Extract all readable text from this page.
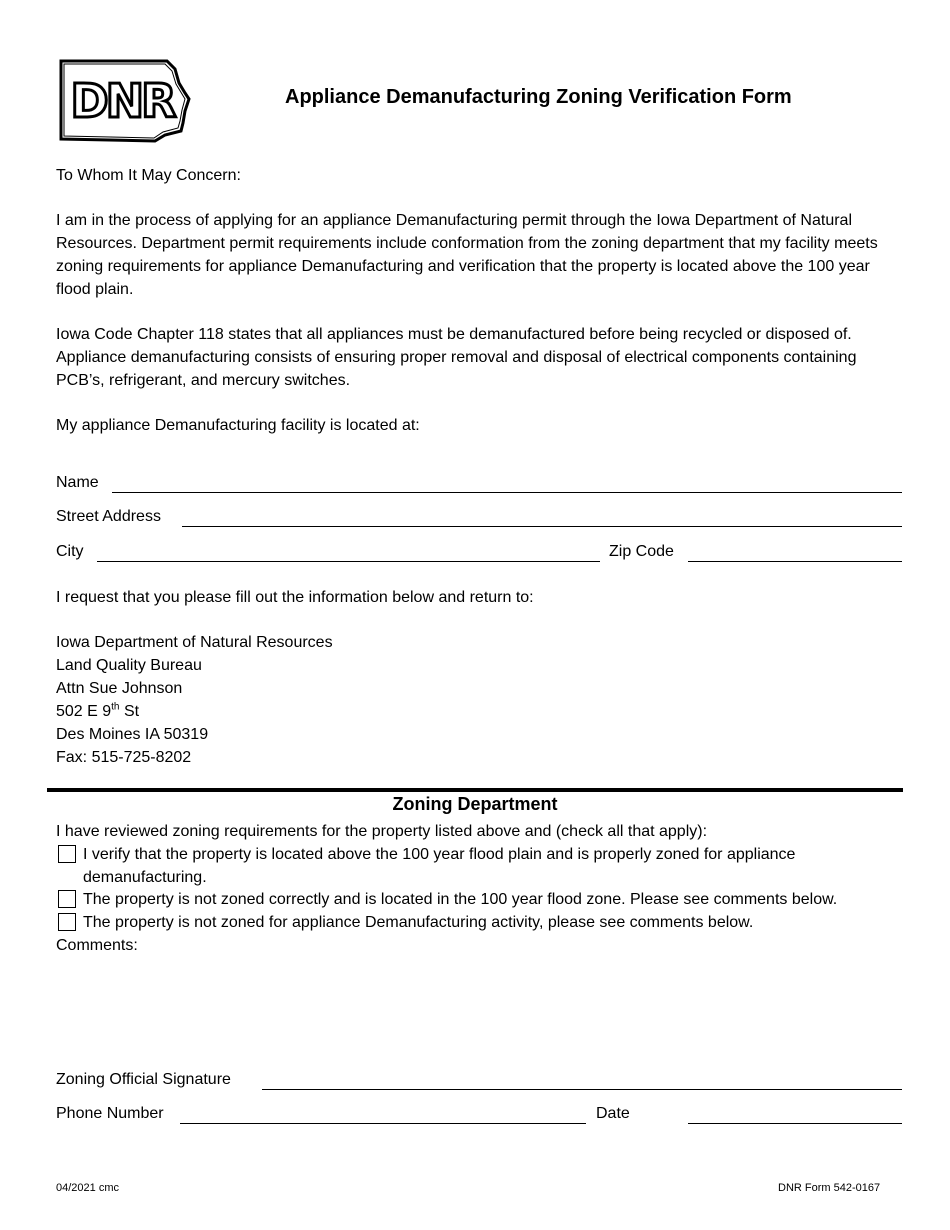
DNR	Appliance Demanufacturing Zoning Verification Form
To Whom It May Concern:
I am in the process of applying for an appliance Demanufacturing permit through the Iowa Department of Natural Resources. Department permit requirements include conformation from the zoning department that my facility meets zoning requirements for appliance Demanufacturing and verification that the property is located above the 100 year flood plain.
Iowa Code Chapter 118 states that all appliances must be demanufactured before being recycled or disposed of. Appliance demanufacturing consists of ensuring proper removal and disposal of electrical components containing PCB’s, refrigerant, and mercury switches.
My appliance Demanufacturing facility is located at:
Name
Street Address
City	Zip Code
I request that you please fill out the information below and return to:
Iowa Department of Natural Resources
Land Quality Bureau
Attn Sue Johnson
502 E 9th St
Des Moines IA 50319
Fax: 515-725-8202
Zoning Department
I have reviewed zoning requirements for the property listed above and (check all that apply):
I verify that the property is located above the 100 year flood plain and is properly zoned for appliance
demanufacturing.
The property is not zoned correctly and is located in the 100 year flood zone. Please see comments below.
The property is not zoned for appliance Demanufacturing activity, please see comments below.
Comments:
Zoning Official Signature
Phone Number	Date
04/2021 cmc	DNR Form 542-0167
